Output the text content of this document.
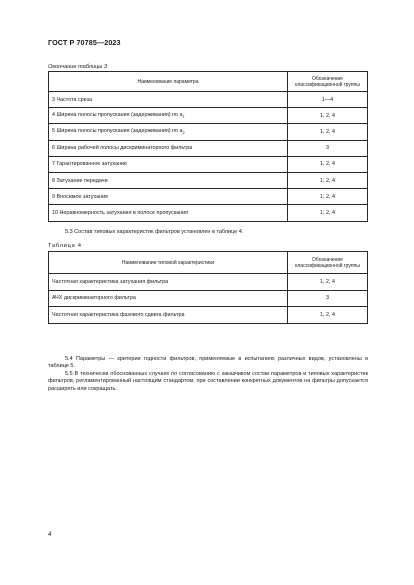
ГОСТ Р 70785—2023
Окончание таблицы 3
Наименование параметра	Обозначение классификационной группы
3 Частота среза	1—4
4 Ширина полосы пропускания (задерживания) по $a_1$	1, 2, 4
5 Ширина полосы пропускания (задерживания) по $a_2$	1, 2, 4
6 Ширина рабочей полосы дискриминаторного фильтра	3
7 Гарантированное затухание	1, 2, 4
8 Затухание передачи	1, 2, 4
9 Вносимое затухание	1, 2, 4
10 Неравномерность затухания в полосе пропускания	1, 2, 4
5.3 Состав типовых характеристик фильтров установлен в таблице 4.
Таблица 4
Наименование типовой характеристики	Обозначение классификационной группы
Частотная характеристика затухания фильтра	1, 2, 4
АЧХ дискриминаторного фильтра	3
Частотная характеристика фазового сдвига фильтра	1, 2, 4
5.4 Параметры — критерии годности фильтров, применяемые в испытаниях различных видов, установлены в таблице 5.
5.5 В технически обоснованных случаях по согласованию с заказчиком состав параметров и типовых характеристик фильтров, регламентированный настоящим стандартом, при составлении конкретных документов на фильтры допускается расширять или сокращать.
4
